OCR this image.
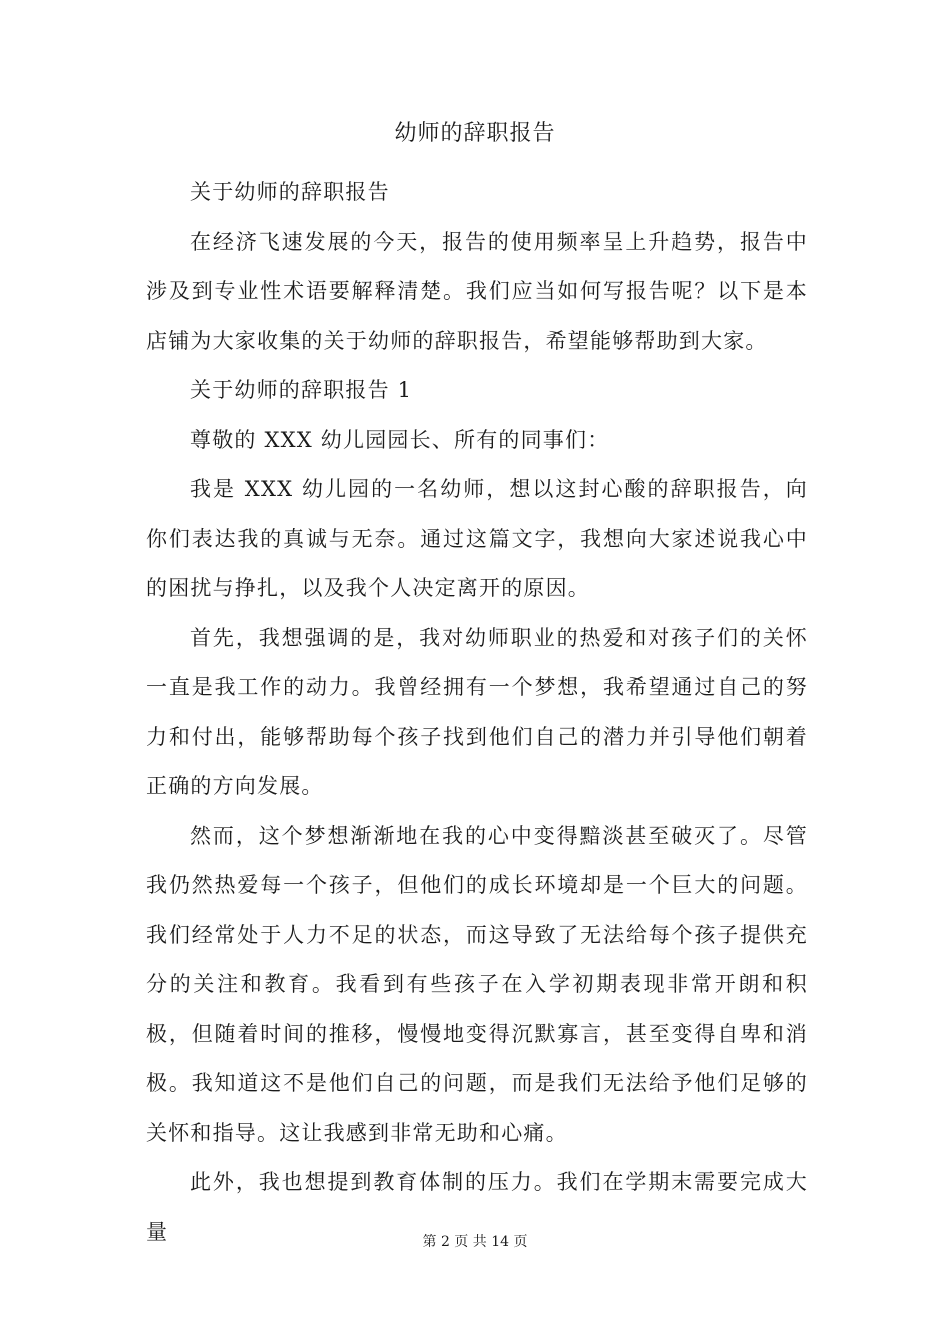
幼师的辞职报告

关于幼师的辞职报告

在经济飞速发展的今天，报告的使用频率呈上升趋势，报告中涉及到专业性术语要解释清楚。我们应当如何写报告呢？以下是本店铺为大家收集的关于幼师的辞职报告，希望能够帮助到大家。

关于幼师的辞职报告 1

尊敬的 XXX 幼儿园园长、所有的同事们：

我是 XXX 幼儿园的一名幼师，想以这封心酸的辞职报告，向你们表达我的真诚与无奈。通过这篇文字，我想向大家述说我心中的困扰与挣扎，以及我个人决定离开的原因。

首先，我想强调的是，我对幼师职业的热爱和对孩子们的关怀一直是我工作的动力。我曾经拥有一个梦想，我希望通过自己的努力和付出，能够帮助每个孩子找到他们自己的潜力并引导他们朝着正确的方向发展。

然而，这个梦想渐渐地在我的心中变得黯淡甚至破灭了。尽管我仍然热爱每一个孩子，但他们的成长环境却是一个巨大的问题。我们经常处于人力不足的状态，而这导致了无法给每个孩子提供充分的关注和教育。我看到有些孩子在入学初期表现非常开朗和积极，但随着时间的推移，慢慢地变得沉默寡言，甚至变得自卑和消极。我知道这不是他们自己的问题，而是我们无法给予他们足够的关怀和指导。这让我感到非常无助和心痛。

此外，我也想提到教育体制的压力。我们在学期末需要完成大量	第 2 页 共 14 页
